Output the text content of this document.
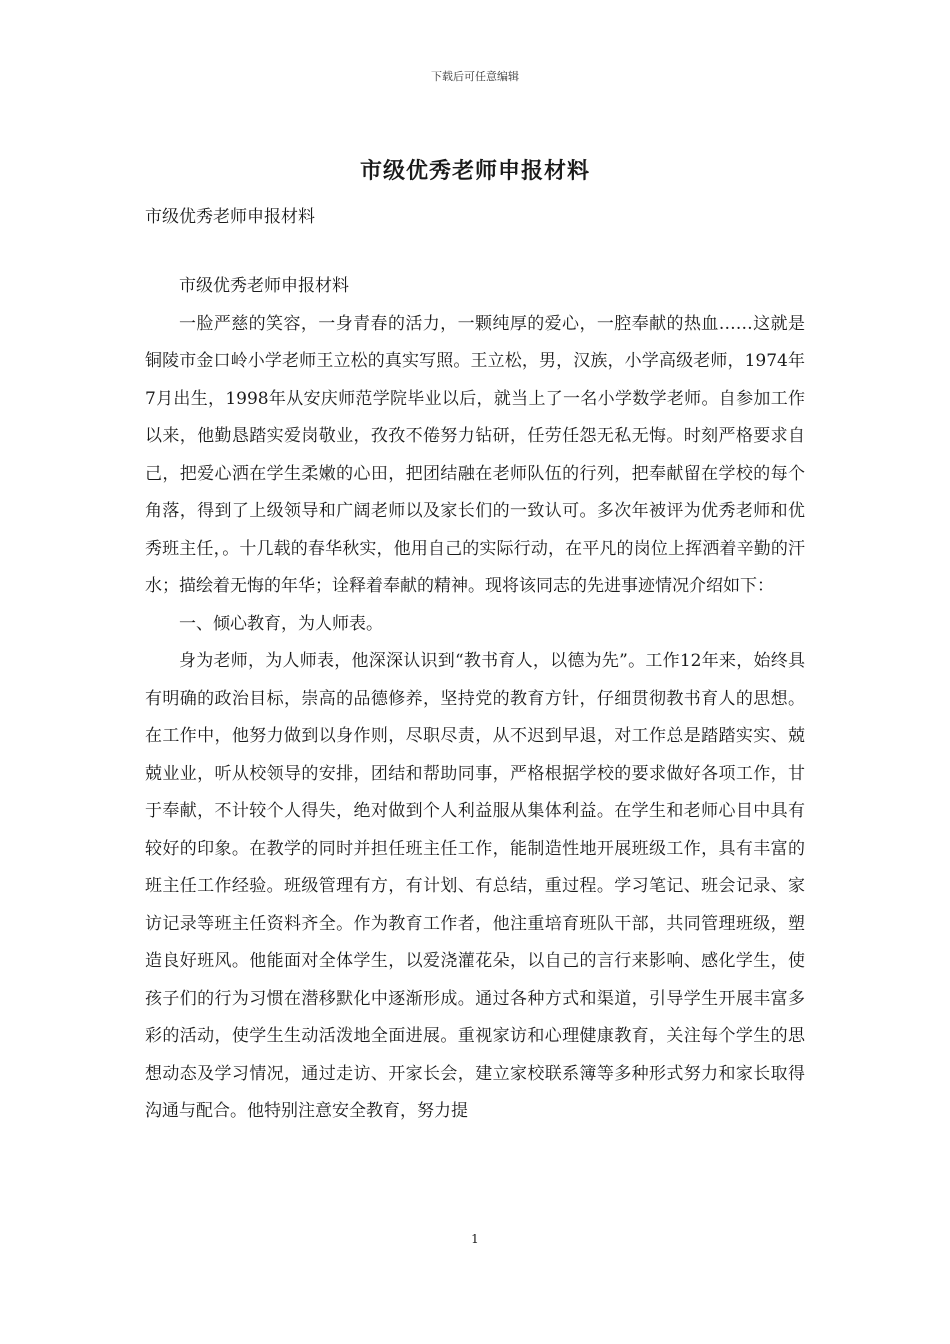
下载后可任意编辑
市级优秀老师申报材料
市级优秀老师申报材料

市级优秀老师申报材料

一脸严慈的笑容，一身青春的活力，一颗纯厚的爱心，一腔奉献的热血……这就是铜陵市金口岭小学老师王立松的真实写照。王立松，男，汉族，小学高级老师，1974年7月出生，1998年从安庆师范学院毕业以后，就当上了一名小学数学老师。自参加工作以来，他勤恳踏实爱岗敬业，孜孜不倦努力钻研，任劳任怨无私无悔。时刻严格要求自己，把爱心洒在学生柔嫩的心田，把团结融在老师队伍的行列，把奉献留在学校的每个角落，得到了上级领导和广阔老师以及家长们的一致认可。多次年被评为优秀老师和优秀班主任，。十几载的春华秋实，他用自己的实际行动，在平凡的岗位上挥洒着辛勤的汗水；描绘着无悔的年华；诠释着奉献的精神。现将该同志的先进事迹情况介绍如下：

一、倾心教育，为人师表。

身为老师，为人师表，他深深认识到“教书育人，以德为先”。工作12年来，始终具有明确的政治目标，崇高的品德修养，坚持党的教育方针，仔细贯彻教书育人的思想。在工作中，他努力做到以身作则，尽职尽责，从不迟到早退，对工作总是踏踏实实、兢兢业业，听从校领导的安排，团结和帮助同事，严格根据学校的要求做好各项工作，甘于奉献，不计较个人得失，绝对做到个人利益服从集体利益。在学生和老师心目中具有较好的印象。在教学的同时并担任班主任工作，能制造性地开展班级工作，具有丰富的班主任工作经验。班级管理有方，有计划、有总结，重过程。学习笔记、班会记录、家访记录等班主任资料齐全。作为教育工作者，他注重培育班队干部，共同管理班级，塑造良好班风。他能面对全体学生，以爱浇灌花朵，以自己的言行来影响、感化学生，使孩子们的行为习惯在潜移默化中逐渐形成。通过各种方式和渠道，引导学生开展丰富多彩的活动，使学生生动活泼地全面进展。重视家访和心理健康教育，关注每个学生的思想动态及学习情况，通过走访、开家长会，建立家校联系簿等多种形式努力和家长取得沟通与配合。他特别注意安全教育，努力提

1
